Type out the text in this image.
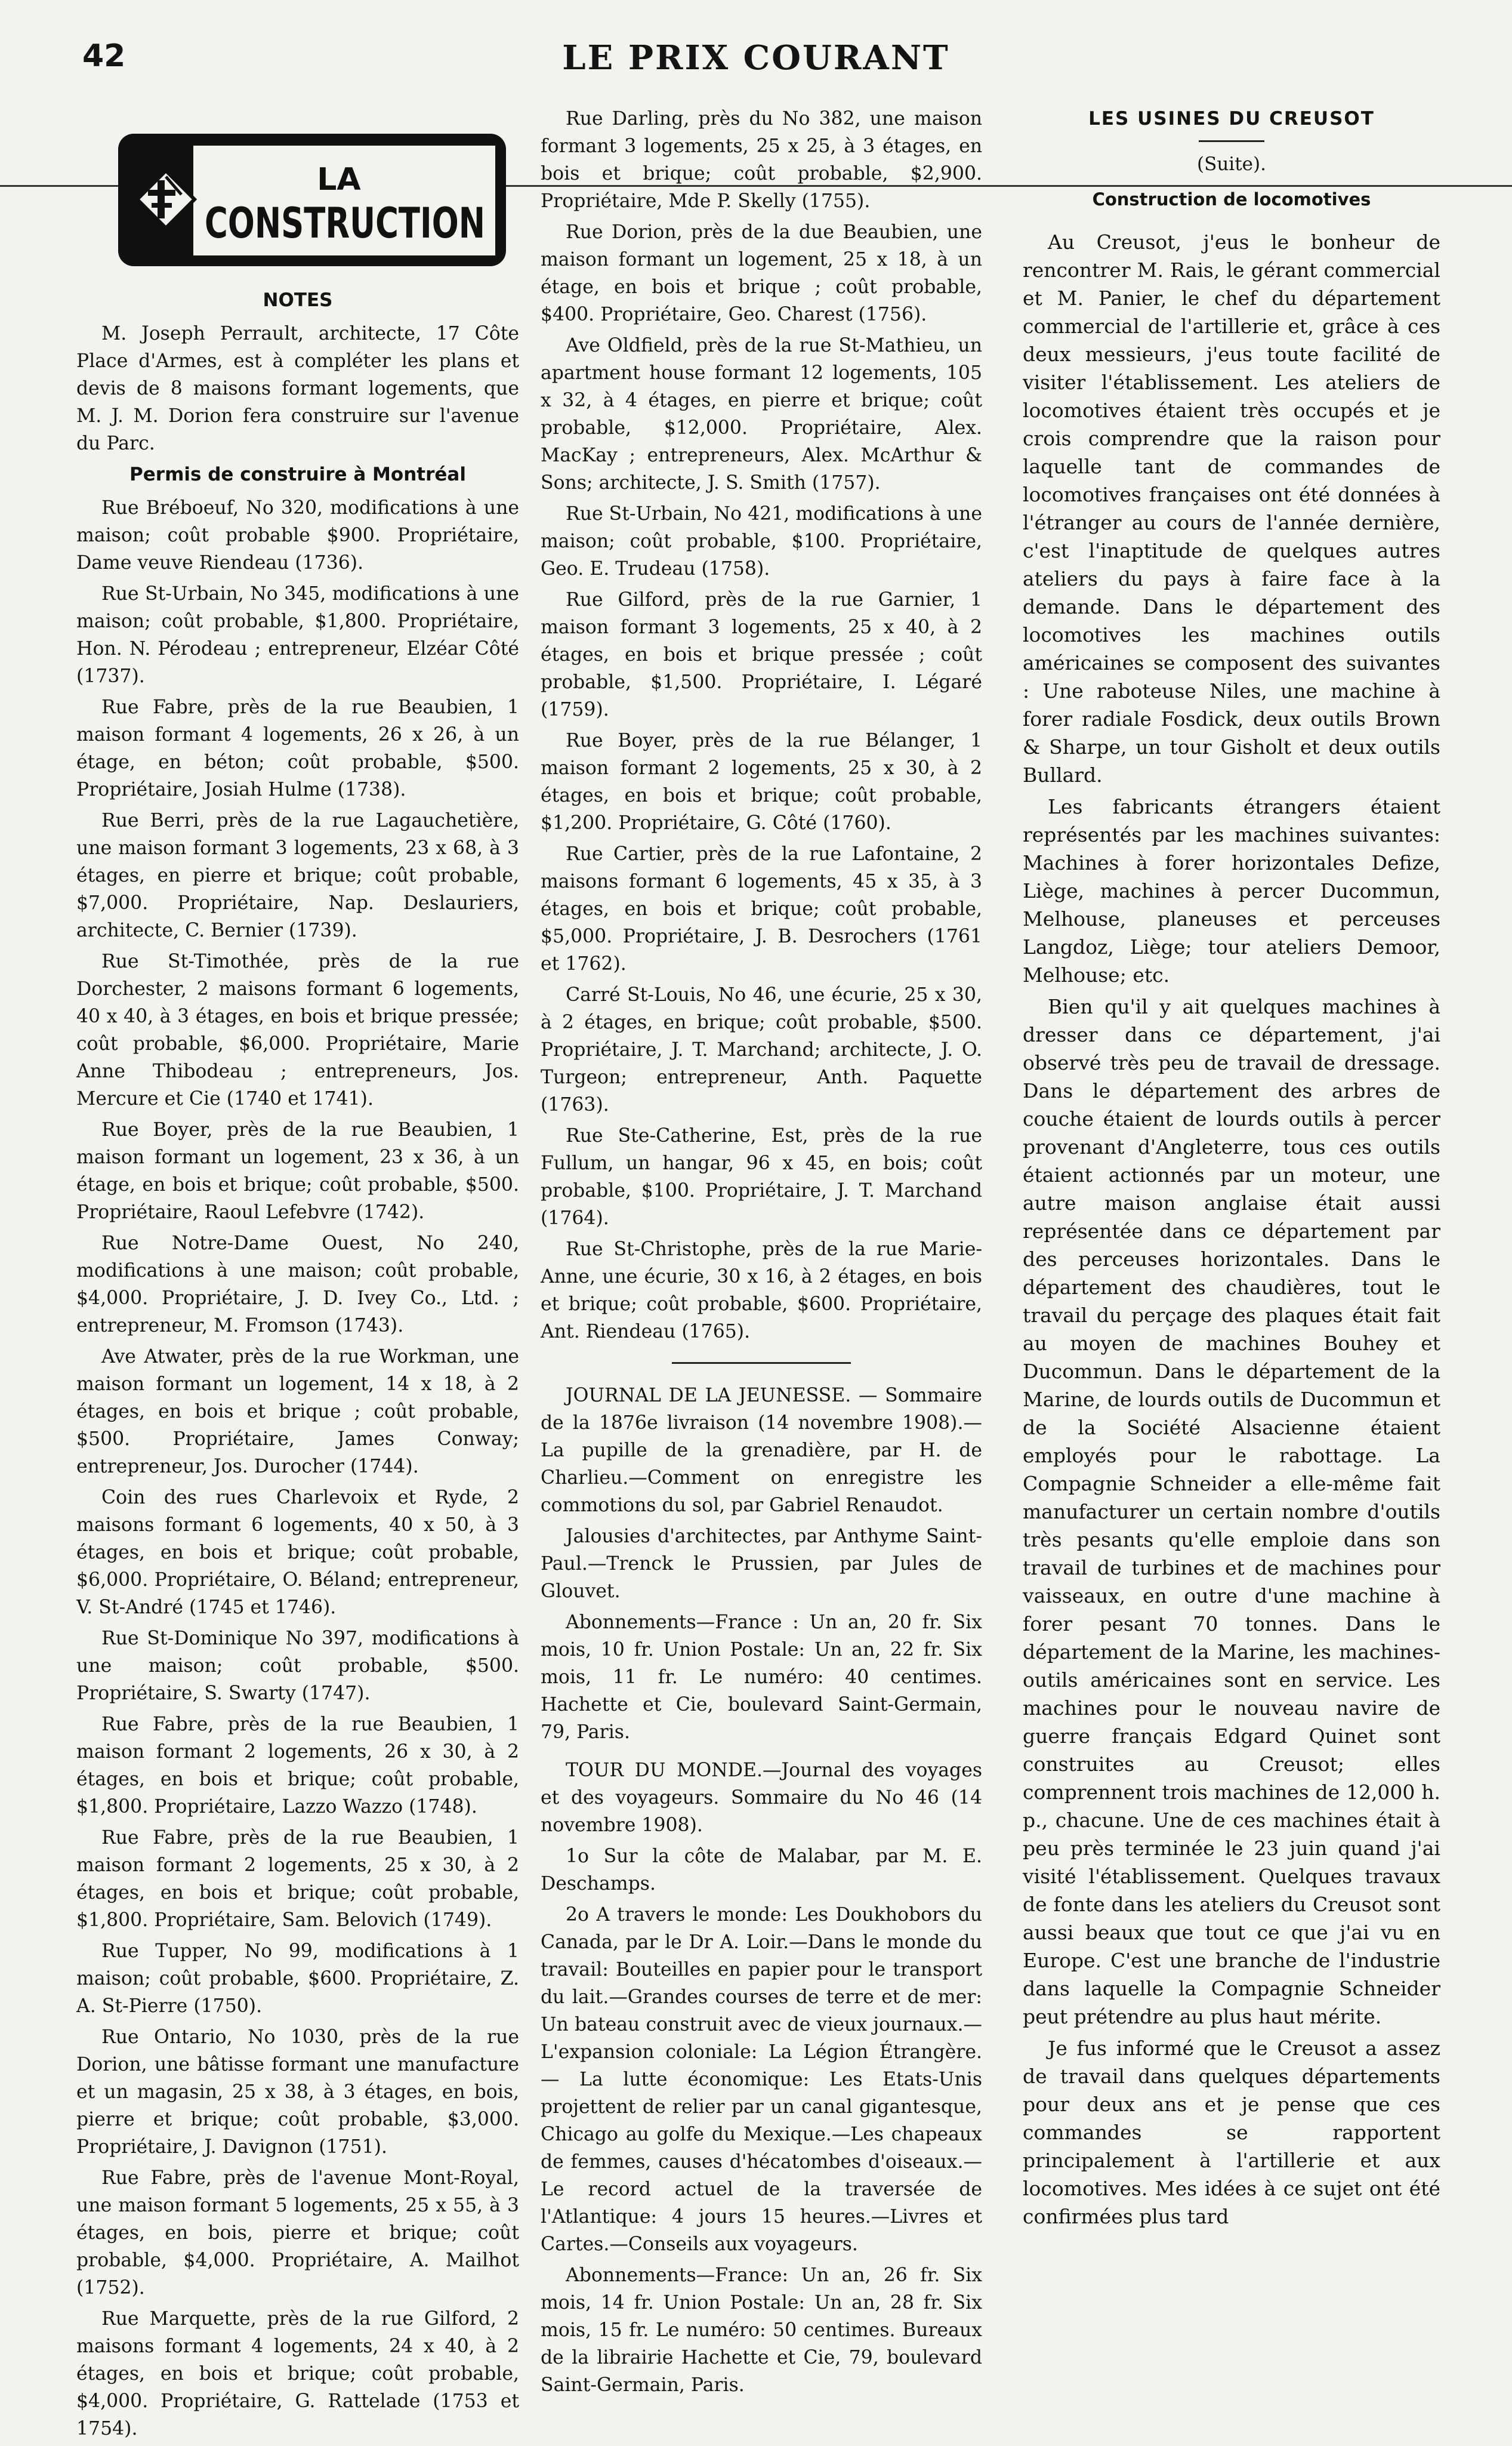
42	LE PRIX COURANT
LA
CONSTRUCTION
NOTES

M. Joseph Perrault, architecte, 17 Côte Place d'Armes, est à compléter les plans et devis de 8 maisons formant logements, que M. J. M. Dorion fera construire sur l'avenue du Parc.

Permis de construire à Montréal

Rue Bréboeuf, No 320, modifications à une maison; coût probable $900. Propriétaire, Dame veuve Riendeau (1736).

Rue St-Urbain, No 345, modifications à une maison; coût probable, $1,800. Propriétaire, Hon. N. Pérodeau ; entrepreneur, Elzéar Côté (1737).

Rue Fabre, près de la rue Beaubien, 1 maison formant 4 logements, 26 x 26, à un étage, en béton; coût probable, $500. Propriétaire, Josiah Hulme (1738).

Rue Berri, près de la rue Lagauchetière, une maison formant 3 logements, 23 x 68, à 3 étages, en pierre et brique; coût probable, $7,000. Propriétaire, Nap. Deslauriers, architecte, C. Bernier (1739).

Rue St-Timothée, près de la rue Dorchester, 2 maisons formant 6 logements, 40 x 40, à 3 étages, en bois et brique pressée; coût probable, $6,000. Propriétaire, Marie Anne Thibodeau ; entrepreneurs, Jos. Mercure et Cie (1740 et 1741).

Rue Boyer, près de la rue Beaubien, 1 maison formant un logement, 23 x 36, à un étage, en bois et brique; coût probable, $500. Propriétaire, Raoul Lefebvre (1742).

Rue Notre-Dame Ouest, No 240, modifications à une maison; coût probable, $4,000. Propriétaire, J. D. Ivey Co., Ltd. ; entrepreneur, M. Fromson (1743).

Ave Atwater, près de la rue Workman, une maison formant un logement, 14 x 18, à 2 étages, en bois et brique ; coût probable, $500. Propriétaire, James Conway; entrepreneur, Jos. Durocher (1744).

Coin des rues Charlevoix et Ryde, 2 maisons formant 6 logements, 40 x 50, à 3 étages, en bois et brique; coût probable, $6,000. Propriétaire, O. Béland; entrepreneur, V. St-André (1745 et 1746).

Rue St-Dominique No 397, modifications à une maison; coût probable, $500. Propriétaire, S. Swarty (1747).

Rue Fabre, près de la rue Beaubien, 1 maison formant 2 logements, 26 x 30, à 2 étages, en bois et brique; coût probable, $1,800. Propriétaire, Lazzo Wazzo (1748).

Rue Fabre, près de la rue Beaubien, 1 maison formant 2 logements, 25 x 30, à 2 étages, en bois et brique; coût probable, $1,800. Propriétaire, Sam. Belovich (1749).

Rue Tupper, No 99, modifications à 1 maison; coût probable, $600. Propriétaire, Z. A. St-Pierre (1750).

Rue Ontario, No 1030, près de la rue Dorion, une bâtisse formant une manufacture et un magasin, 25 x 38, à 3 étages, en bois, pierre et brique; coût probable, $3,000. Propriétaire, J. Davignon (1751).

Rue Fabre, près de l'avenue Mont-Royal, une maison formant 5 logements, 25 x 55, à 3 étages, en bois, pierre et brique; coût probable, $4,000. Propriétaire, A. Mailhot (1752).

Rue Marquette, près de la rue Gilford, 2 maisons formant 4 logements, 24 x 40, à 2 étages, en bois et brique; coût probable, $4,000. Propriétaire, G. Rattelade (1753 et 1754).

Rue Darling, près du No 382, une maison formant 3 logements, 25 x 25, à 3 étages, en bois et brique; coût probable, $2,900. Propriétaire, Mde P. Skelly (1755).

Rue Dorion, près de la due Beaubien, une maison formant un logement, 25 x 18, à un étage, en bois et brique ; coût probable, $400. Propriétaire, Geo. Charest (1756).

Ave Oldfield, près de la rue St-Mathieu, un apartment house formant 12 logements, 105 x 32, à 4 étages, en pierre et brique; coût probable, $12,000. Propriétaire, Alex. MacKay ; entrepreneurs, Alex. McArthur & Sons; architecte, J. S. Smith (1757).

Rue St-Urbain, No 421, modifications à une maison; coût probable, $100. Propriétaire, Geo. E. Trudeau (1758).

Rue Gilford, près de la rue Garnier, 1 maison formant 3 logements, 25 x 40, à 2 étages, en bois et brique pressée ; coût probable, $1,500. Propriétaire, I. Légaré (1759).

Rue Boyer, près de la rue Bélanger, 1 maison formant 2 logements, 25 x 30, à 2 étages, en bois et brique; coût probable, $1,200. Propriétaire, G. Côté (1760).

Rue Cartier, près de la rue Lafontaine, 2 maisons formant 6 logements, 45 x 35, à 3 étages, en bois et brique; coût probable, $5,000. Propriétaire, J. B. Desrochers (1761 et 1762).

Carré St-Louis, No 46, une écurie, 25 x 30, à 2 étages, en brique; coût probable, $500. Propriétaire, J. T. Marchand; architecte, J. O. Turgeon; entrepreneur, Anth. Paquette (1763).

Rue Ste-Catherine, Est, près de la rue Fullum, un hangar, 96 x 45, en bois; coût probable, $100. Propriétaire, J. T. Marchand (1764).

Rue St-Christophe, près de la rue Marie-Anne, une écurie, 30 x 16, à 2 étages, en bois et brique; coût probable, $600. Propriétaire, Ant. Riendeau (1765).

JOURNAL DE LA JEUNESSE. — Sommaire de la 1876e livraison (14 novembre 1908).—La pupille de la grenadière, par H. de Charlieu.—Comment on enregistre les commotions du sol, par Gabriel Renaudot.

Jalousies d'architectes, par Anthyme Saint-Paul.—Trenck le Prussien, par Jules de Glouvet.

Abonnements—France : Un an, 20 fr. Six mois, 10 fr. Union Postale: Un an, 22 fr. Six mois, 11 fr. Le numéro: 40 centimes. Hachette et Cie, boulevard Saint-Germain, 79, Paris.

TOUR DU MONDE.—Journal des voyages et des voyageurs. Sommaire du No 46 (14 novembre 1908).

1o Sur la côte de Malabar, par M. E. Deschamps.

2o A travers le monde: Les Doukhobors du Canada, par le Dr A. Loir.—Dans le monde du travail: Bouteilles en papier pour le transport du lait.—Grandes courses de terre et de mer: Un bateau construit avec de vieux journaux.—L'expansion coloniale: La Légion Étrangère. — La lutte économique: Les Etats-Unis projettent de relier par un canal gigantesque, Chicago au golfe du Mexique.—Les chapeaux de femmes, causes d'hécatombes d'oiseaux.—Le record actuel de la traversée de l'Atlantique: 4 jours 15 heures.—Livres et Cartes.—Conseils aux voyageurs.

Abonnements—France: Un an, 26 fr. Six mois, 14 fr. Union Postale: Un an, 28 fr. Six mois, 15 fr. Le numéro: 50 centimes. Bureaux de la librairie Hachette et Cie, 79, boulevard Saint-Germain, Paris.

LES USINES DU CREUSOT
(Suite).
Construction de locomotives

Au Creusot, j'eus le bonheur de rencontrer M. Rais, le gérant commercial et M. Panier, le chef du département commercial de l'artillerie et, grâce à ces deux messieurs, j'eus toute facilité de visiter l'établissement. Les ateliers de locomotives étaient très occupés et je crois comprendre que la raison pour laquelle tant de commandes de locomotives françaises ont été données à l'étranger au cours de l'année dernière, c'est l'inaptitude de quelques autres ateliers du pays à faire face à la demande. Dans le département des locomotives les machines outils américaines se composent des suivantes : Une raboteuse Niles, une machine à forer radiale Fosdick, deux outils Brown & Sharpe, un tour Gisholt et deux outils Bullard.

Les fabricants étrangers étaient représentés par les machines suivantes: Machines à forer horizontales Defize, Liège, machines à percer Ducommun, Melhouse, planeuses et perceuses Langdoz, Liège; tour ateliers Demoor, Melhouse; etc.

Bien qu'il y ait quelques machines à dresser dans ce département, j'ai observé très peu de travail de dressage. Dans le département des arbres de couche étaient de lourds outils à percer provenant d'Angleterre, tous ces outils étaient actionnés par un moteur, une autre maison anglaise était aussi représentée dans ce département par des perceuses horizontales. Dans le département des chaudières, tout le travail du perçage des plaques était fait au moyen de machines Bouhey et Ducommun. Dans le département de la Marine, de lourds outils de Ducommun et de la Société Alsacienne étaient employés pour le rabottage. La Compagnie Schneider a elle-même fait manufacturer un certain nombre d'outils très pesants qu'elle emploie dans son travail de turbines et de machines pour vaisseaux, en outre d'une machine à forer pesant 70 tonnes. Dans le département de la Marine, les machines-outils américaines sont en service. Les machines pour le nouveau navire de guerre français Edgard Quinet sont construites au Creusot; elles comprennent trois machines de 12,000 h. p., chacune. Une de ces machines était à peu près terminée le 23 juin quand j'ai visité l'établissement. Quelques travaux de fonte dans les ateliers du Creusot sont aussi beaux que tout ce que j'ai vu en Europe. C'est une branche de l'industrie dans laquelle la Compagnie Schneider peut prétendre au plus haut mérite.

Je fus informé que le Creusot a assez de travail dans quelques départements pour deux ans et je pense que ces commandes se rapportent principalement à l'artillerie et aux locomotives. Mes idées à ce sujet ont été confirmées plus tard
